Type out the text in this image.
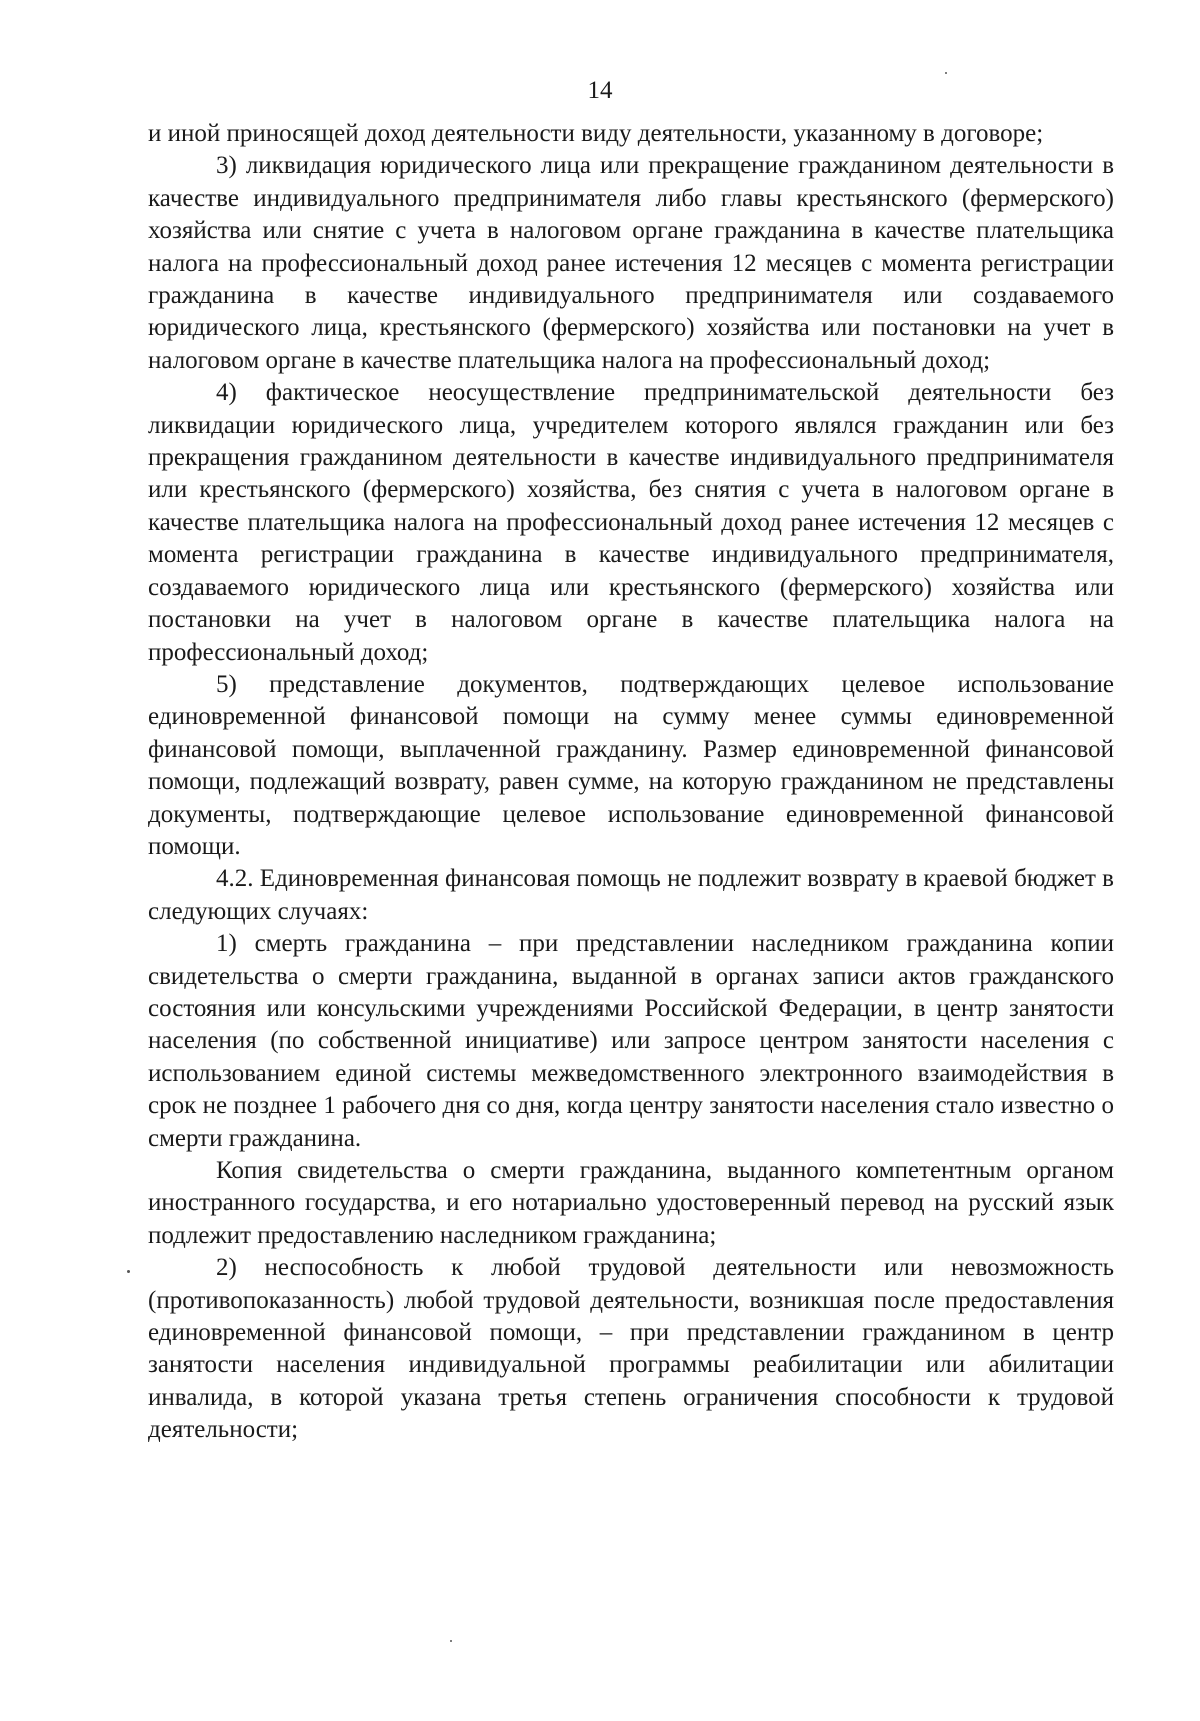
14

и иной приносящей доход деятельности виду деятельности, указанному в договоре;

3) ликвидация юридического лица или прекращение гражданином деятельности в качестве индивидуального предпринимателя либо главы крестьянского (фермерского) хозяйства или снятие с учета в налоговом органе гражданина в качестве плательщика налога на профессиональный доход ранее истечения 12 месяцев с момента регистрации гражданина в качестве индивидуального предпринимателя или создаваемого юридического лица, крестьянского (фермерского) хозяйства или постановки на учет в налоговом органе в качестве плательщика налога на профессиональный доход;

4) фактическое неосуществление предпринимательской деятельности без ликвидации юридического лица, учредителем которого являлся гражданин или без прекращения гражданином деятельности в качестве индивидуального предпринимателя или крестьянского (фермерского) хозяйства, без снятия с учета в налоговом органе в качестве плательщика налога на профессиональный доход ранее истечения 12 месяцев с момента регистрации гражданина в качестве индивидуального предпринимателя, создаваемого юридического лица или крестьянского (фермерского) хозяйства или постановки на учет в налоговом органе в качестве плательщика налога на профессиональный доход;

5) представление документов, подтверждающих целевое использование единовременной финансовой помощи на сумму менее суммы единовременной финансовой помощи, выплаченной гражданину. Размер единовременной финансовой помощи, подлежащий возврату, равен сумме, на которую гражданином не представлены документы, подтверждающие целевое использование единовременной финансовой помощи.

4.2. Единовременная финансовая помощь не подлежит возврату в краевой бюджет в следующих случаях:

1) смерть гражданина – при представлении наследником гражданина копии свидетельства о смерти гражданина, выданной в органах записи актов гражданского состояния или консульскими учреждениями Российской Федерации, в центр занятости населения (по собственной инициативе) или запросе центром занятости населения с использованием единой системы межведомственного электронного взаимодействия в срок не позднее 1 рабочего дня со дня, когда центру занятости населения стало известно о смерти гражданина.

Копия свидетельства о смерти гражданина, выданного компетентным органом иностранного государства, и его нотариально удостоверенный перевод на русский язык подлежит предоставлению наследником гражданина;

2) неспособность к любой трудовой деятельности или невозможность (противопоказанность) любой трудовой деятельности, возникшая после предоставления единовременной финансовой помощи, – при представлении гражданином в центр занятости населения индивидуальной программы реабилитации или абилитации инвалида, в которой указана третья степень ограничения способности к трудовой деятельности;
